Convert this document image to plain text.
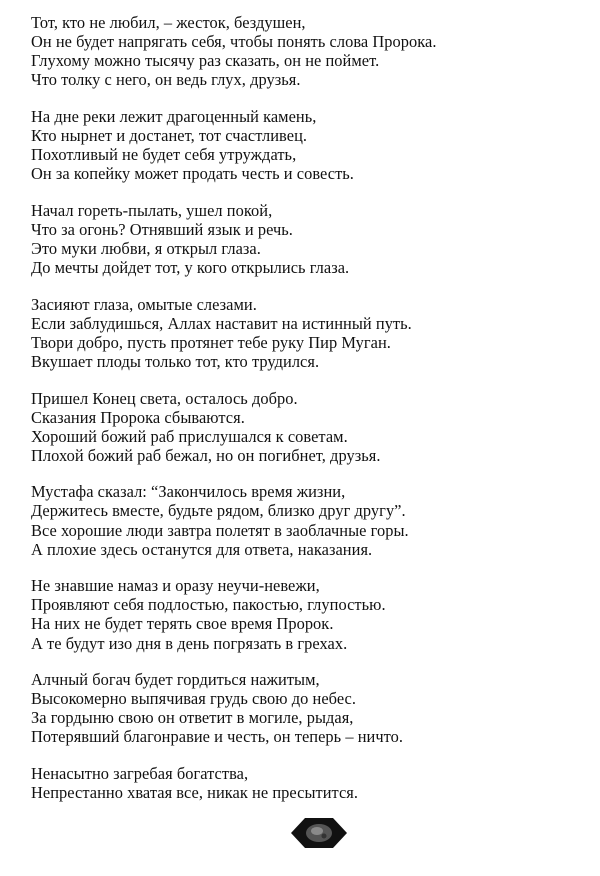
Тот, кто не любил, – жесток, бездушен,
Он не будет напрягать себя, чтобы понять слова Пророка.
Глухому можно тысячу раз сказать, он не поймет.
Что толку с него, он ведь глух, друзья.
На дне реки лежит драгоценный камень,
Кто нырнет и достанет, тот счастливец.
Похотливый не будет себя утруждать,
Он за копейку может продать честь и совесть.
Начал гореть-пылать, ушел покой,
Что за огонь? Отнявший язык и речь.
Это муки любви, я открыл глаза.
До мечты дойдет тот, у кого открылись глаза.
Засияют глаза, омытые слезами.
Если заблудишься, Аллах наставит на истинный путь.
Твори добро, пусть протянет тебе руку Пир Муган.
Вкушает плоды только тот, кто трудился.
Пришел Конец света, осталось добро.
Сказания Пророка сбываются.
Хороший божий раб прислушался к советам.
Плохой божий раб бежал, но он погибнет, друзья.
Мустафа сказал: “Закончилось время жизни,
Держитесь вместе, будьте рядом, близко друг другу”.
Все хорошие люди завтра полетят в заоблачные горы.
А плохие здесь останутся для ответа, наказания.
Не знавшие намаз и оразу неучи-невежи,
Проявляют себя подлостью, пакостью, глупостью.
На них не будет терять свое время Пророк.
А те будут изо дня в день погрязать в грехах.
Алчный богач будет гордиться нажитым,
Высокомерно выпячивая грудь свою до небес.
За гордыню свою он ответит в могиле, рыдая,
Потерявший благонравие и честь, он теперь – ничто.
Ненасытно загребая богатства,
Непрестанно хватая все, никак не пресытится.
